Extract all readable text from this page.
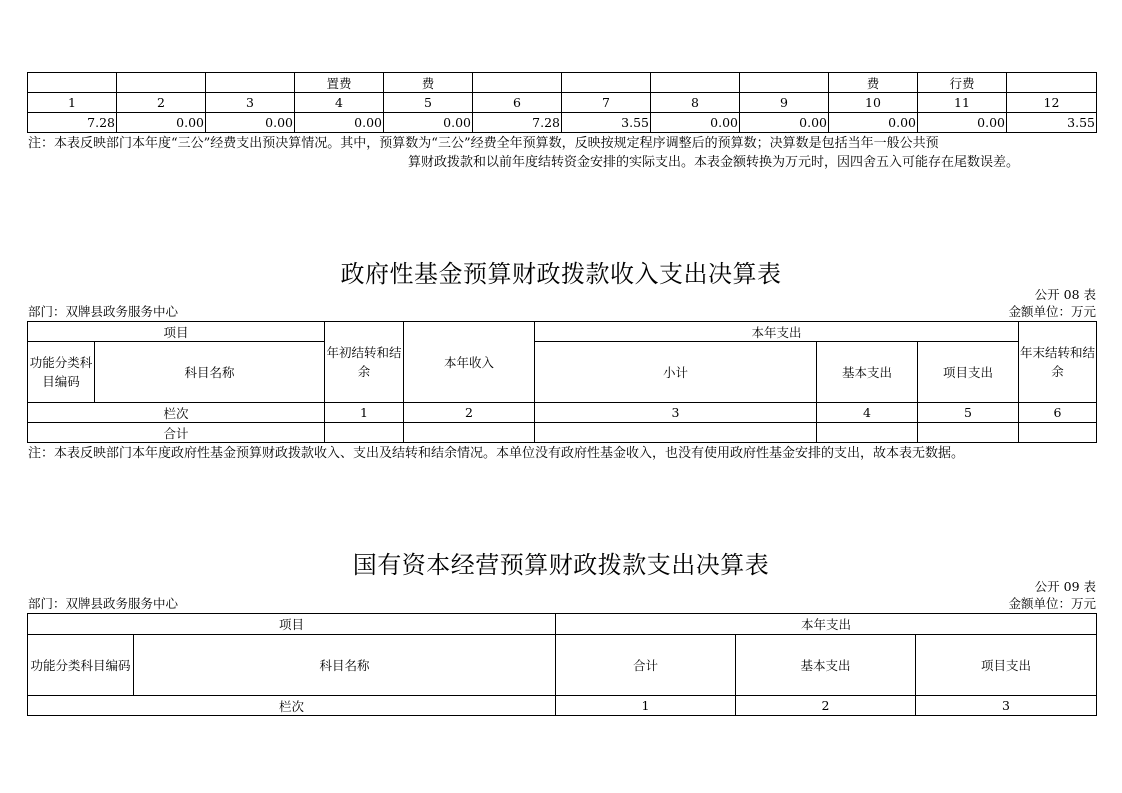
			置费	费					费	行费	
1	2	3	4	5	6	7	8	9	10	11	12
7.28	0.00	0.00	0.00	0.00	7.28	3.55	0.00	0.00	0.00	0.00	3.55
注：本表反映部门本年度“三公”经费支出预决算情况。其中，预算数为“三公”经费全年预算数，反映按规定程序调整后的预算数；决算数是包括当年一般公共预
算财政拨款和以前年度结转资金安排的实际支出。本表金额转换为万元时，因四舍五入可能存在尾数误差。
政府性基金预算财政拨款收入支出决算表
公开 08 表
部门：双牌县政务服务中心	金额单位：万元
项目		年初结转和结余	本年收入	本年支出			年末结转和结余
功能分类科目编码	科目名称			小计	基本支出	项目支出	
栏次		1	2	3	4	5	6
合计							
注：本表反映部门本年度政府性基金预算财政拨款收入、支出及结转和结余情况。本单位没有政府性基金收入，也没有使用政府性基金安排的支出，故本表无数据。
国有资本经营预算财政拨款支出决算表
公开 09 表
部门：双牌县政务服务中心	金额单位：万元
项目		本年支出		
功能分类科目编码	科目名称	合计	基本支出	项目支出
栏次		1	2	3
